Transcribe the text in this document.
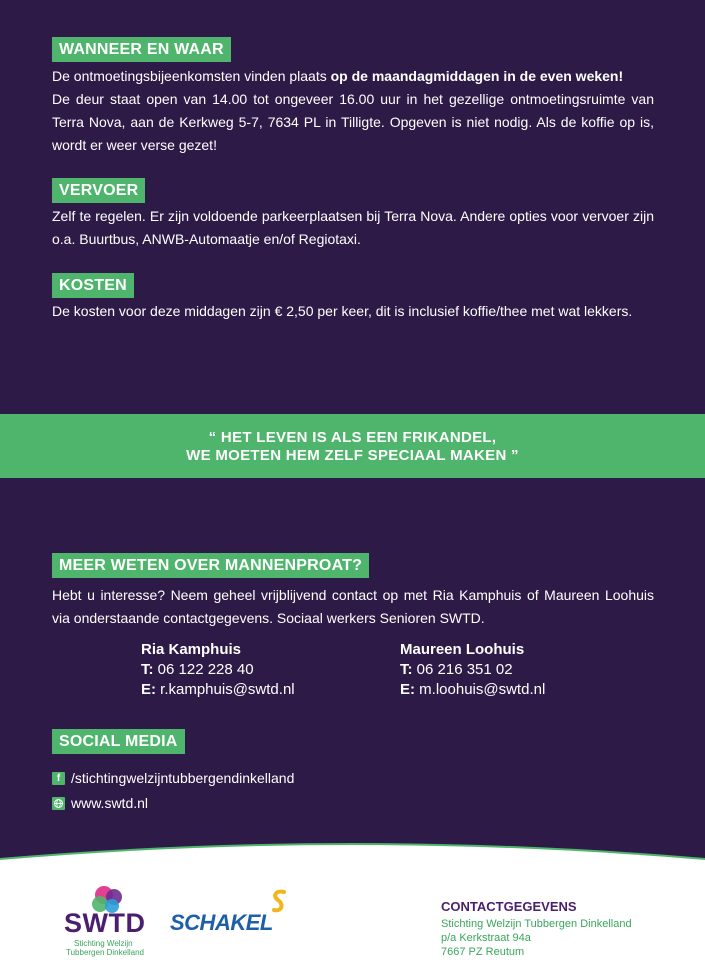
WANNEER EN WAAR
De ontmoetingsbijeenkomsten vinden plaats op de maandagmiddagen in de even weken!
De deur staat open van 14.00 tot ongeveer 16.00 uur in het gezellige ontmoetingsruimte van Terra Nova, aan de Kerkweg 5-7, 7634 PL in Tilligte. Opgeven is niet nodig. Als de koffie op is, wordt er weer verse gezet!
VERVOER
Zelf te regelen. Er zijn voldoende parkeerplaatsen bij Terra Nova. Andere opties voor vervoer zijn o.a. Buurtbus, ANWB-Automaatje en/of Regiotaxi.
KOSTEN
De kosten voor deze middagen zijn € 2,50 per keer, dit is inclusief koffie/thee met wat lekkers.
“ HET LEVEN IS ALS EEN FRIKANDEL,
WE MOETEN HEM ZELF SPECIAAL MAKEN ”
MEER WETEN OVER MANNENPROAT?
Hebt u interesse? Neem geheel vrijblijvend contact op met Ria Kamphuis of Maureen Loohuis via onderstaande contactgegevens. Sociaal werkers Senioren SWTD.
Ria Kamphuis
T: 06 122 228 40
E: r.kamphuis@swtd.nl
Maureen Loohuis
T: 06 216 351 02
E: m.loohuis@swtd.nl
SOCIAL MEDIA
f /stichtingwelzijntubbergendinkelland
www.swtd.nl
SWTD
Stichting Welzijn
Tubbergen Dinkelland
SCHAKEL
CONTACTGEGEVENS
Stichting Welzijn Tubbergen Dinkelland
p/a Kerkstraat 94a
7667 PZ Reutum
